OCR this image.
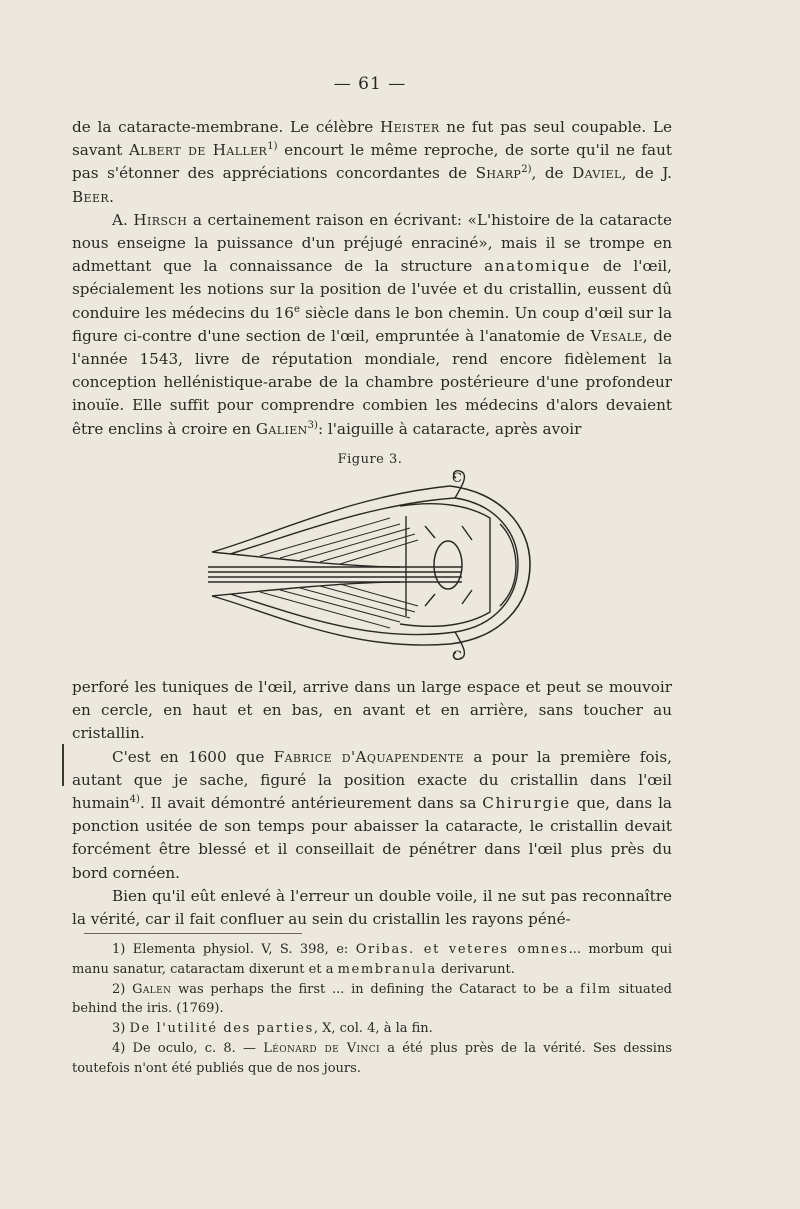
— 61 —

de la cataracte-membrane. Le célèbre Heister ne fut pas seul coupable. Le savant Albert de Haller$^{1)}$ encourt le même reproche, de sorte qu'il ne faut pas s'étonner des appréciations concordantes de Sharp$^{2)}$, de Daviel, de J. Beer.

A. Hirsch a certainement raison en écrivant: «L'histoire de la cataracte nous enseigne la puissance d'un préjugé enraciné», mais il se trompe en admettant que la connaissance de la structure anatomique de l'œil, spécialement les notions sur la position de l'uvée et du cristallin, eussent dû conduire les médecins du 16e siècle dans le bon chemin. Un coup d'œil sur la figure ci-contre d'une section de l'œil, empruntée à l'anatomie de Vesale, de l'année 1543, livre de réputation mondiale, rend encore fidèlement la conception hellénistique-arabe de la chambre postérieure d'une profondeur inouïe. Elle suffit pour comprendre combien les médecins d'alors devaient être enclins à croire en Galien$^{3)}$: l'aiguille à cataracte, après avoir

Figure 3.
C
C

perforé les tuniques de l'œil, arrive dans un large espace et peut se mouvoir en cercle, en haut et en bas, en avant et en arrière, sans toucher au cristallin.

C'est en 1600 que Fabrice d'Aquapendente a pour la première fois, autant que je sache, figuré la position exacte du cristallin dans l'œil humain$^{4)}$. Il avait démontré antérieurement dans sa Chirurgie que, dans la ponction usitée de son temps pour abaisser la cataracte, le cristallin devait forcément être blessé et il conseillait de pénétrer dans l'œil plus près du bord cornéen.

Bien qu'il eût enlevé à l'erreur un double voile, il ne sut pas reconnaître la vérité, car il fait confluer au sein du cristallin les rayons péné-

1) Elementa physiol. V, S. 398, e: Oribas. et veteres omnes... morbum qui manu sanatur, cataractam dixerunt et a membranula derivarunt.

2) Galen was perhaps the first ... in defining the Cataract to be a film situated behind the iris. (1769).

3) De l'utilité des parties, X, col. 4, à la fin.

4) De oculo, c. 8. — Léonard de Vinci a été plus près de la vérité. Ses dessins toutefois n'ont été publiés que de nos jours.
